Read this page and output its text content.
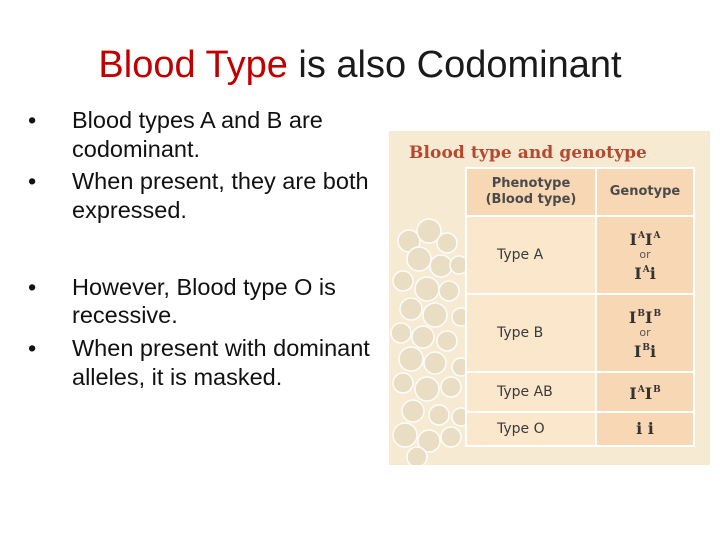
Blood Type is also Codominant
•	Blood types A and B are codominant.
•	When present, they are both expressed.
•	However, Blood type O is recessive.
•	When present with dominant alleles, it is masked.
Blood type and genotype
Phenotype
(Blood type)	Genotype
Type A	$I^AI^A$
or
$I^Ai$

Type B	$I^BI^B$
or
$I^Bi$

Type AB	$I^AI^B$

Type O	i i
